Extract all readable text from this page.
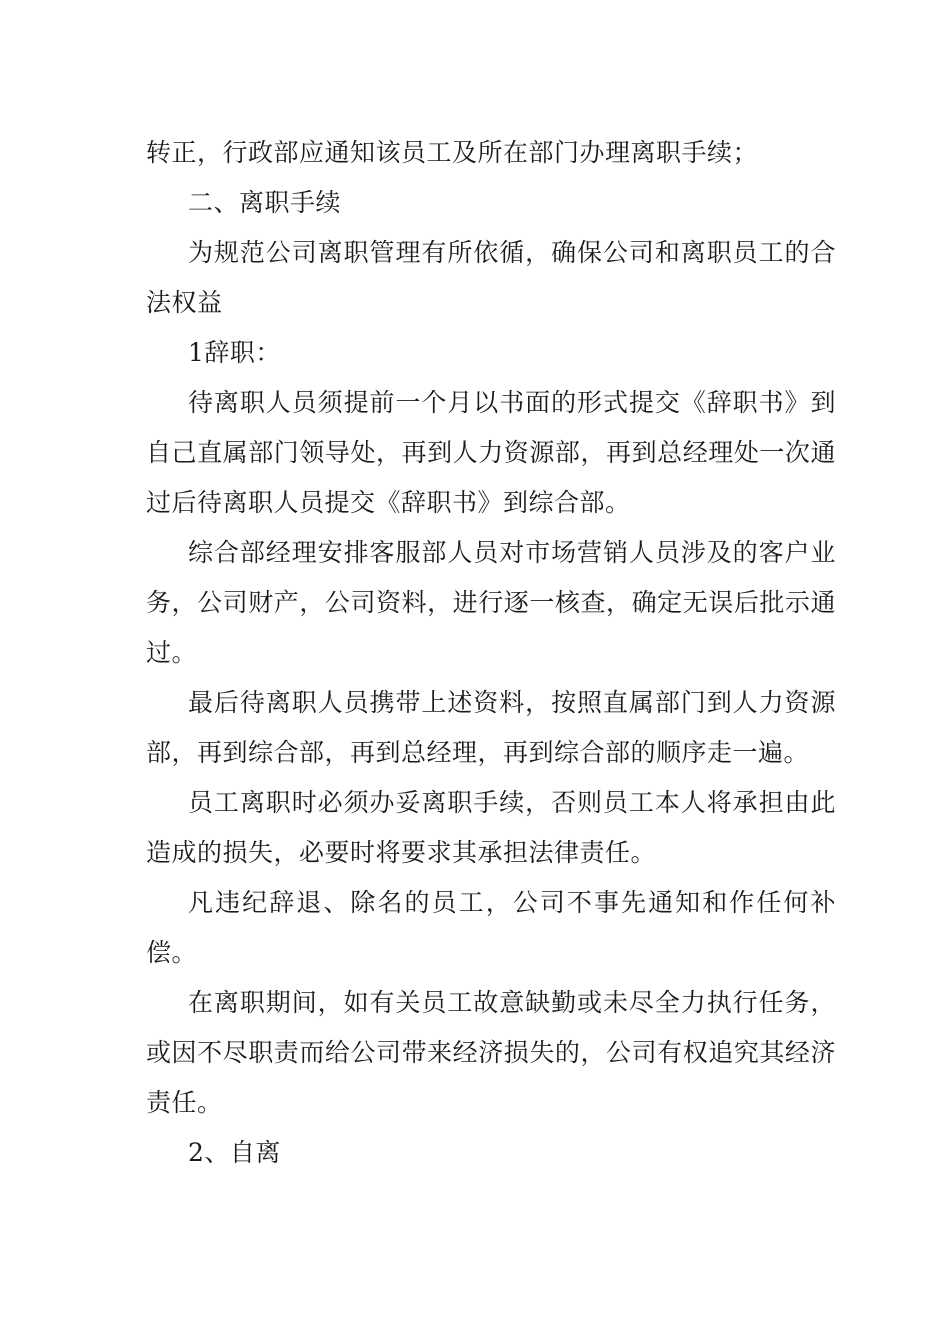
转正，行政部应通知该员工及所在部门办理离职手续；

二、离职手续

为规范公司离职管理有所依循，确保公司和离职员工的合法权益

1辞职：

待离职人员须提前一个月以书面的形式提交《辞职书》到自己直属部门领导处，再到人力资源部，再到总经理处一次通过后待离职人员提交《辞职书》到综合部。

综合部经理安排客服部人员对市场营销人员涉及的客户业务，公司财产，公司资料，进行逐一核查，确定无误后批示通过。

最后待离职人员携带上述资料，按照直属部门到人力资源部，再到综合部，再到总经理，再到综合部的顺序走一遍。

员工离职时必须办妥离职手续，否则员工本人将承担由此造成的损失，必要时将要求其承担法律责任。

凡违纪辞退、除名的员工，公司不事先通知和作任何补偿。

在离职期间，如有关员工故意缺勤或未尽全力执行任务，或因不尽职责而给公司带来经济损失的，公司有权追究其经济责任。

2、自离
